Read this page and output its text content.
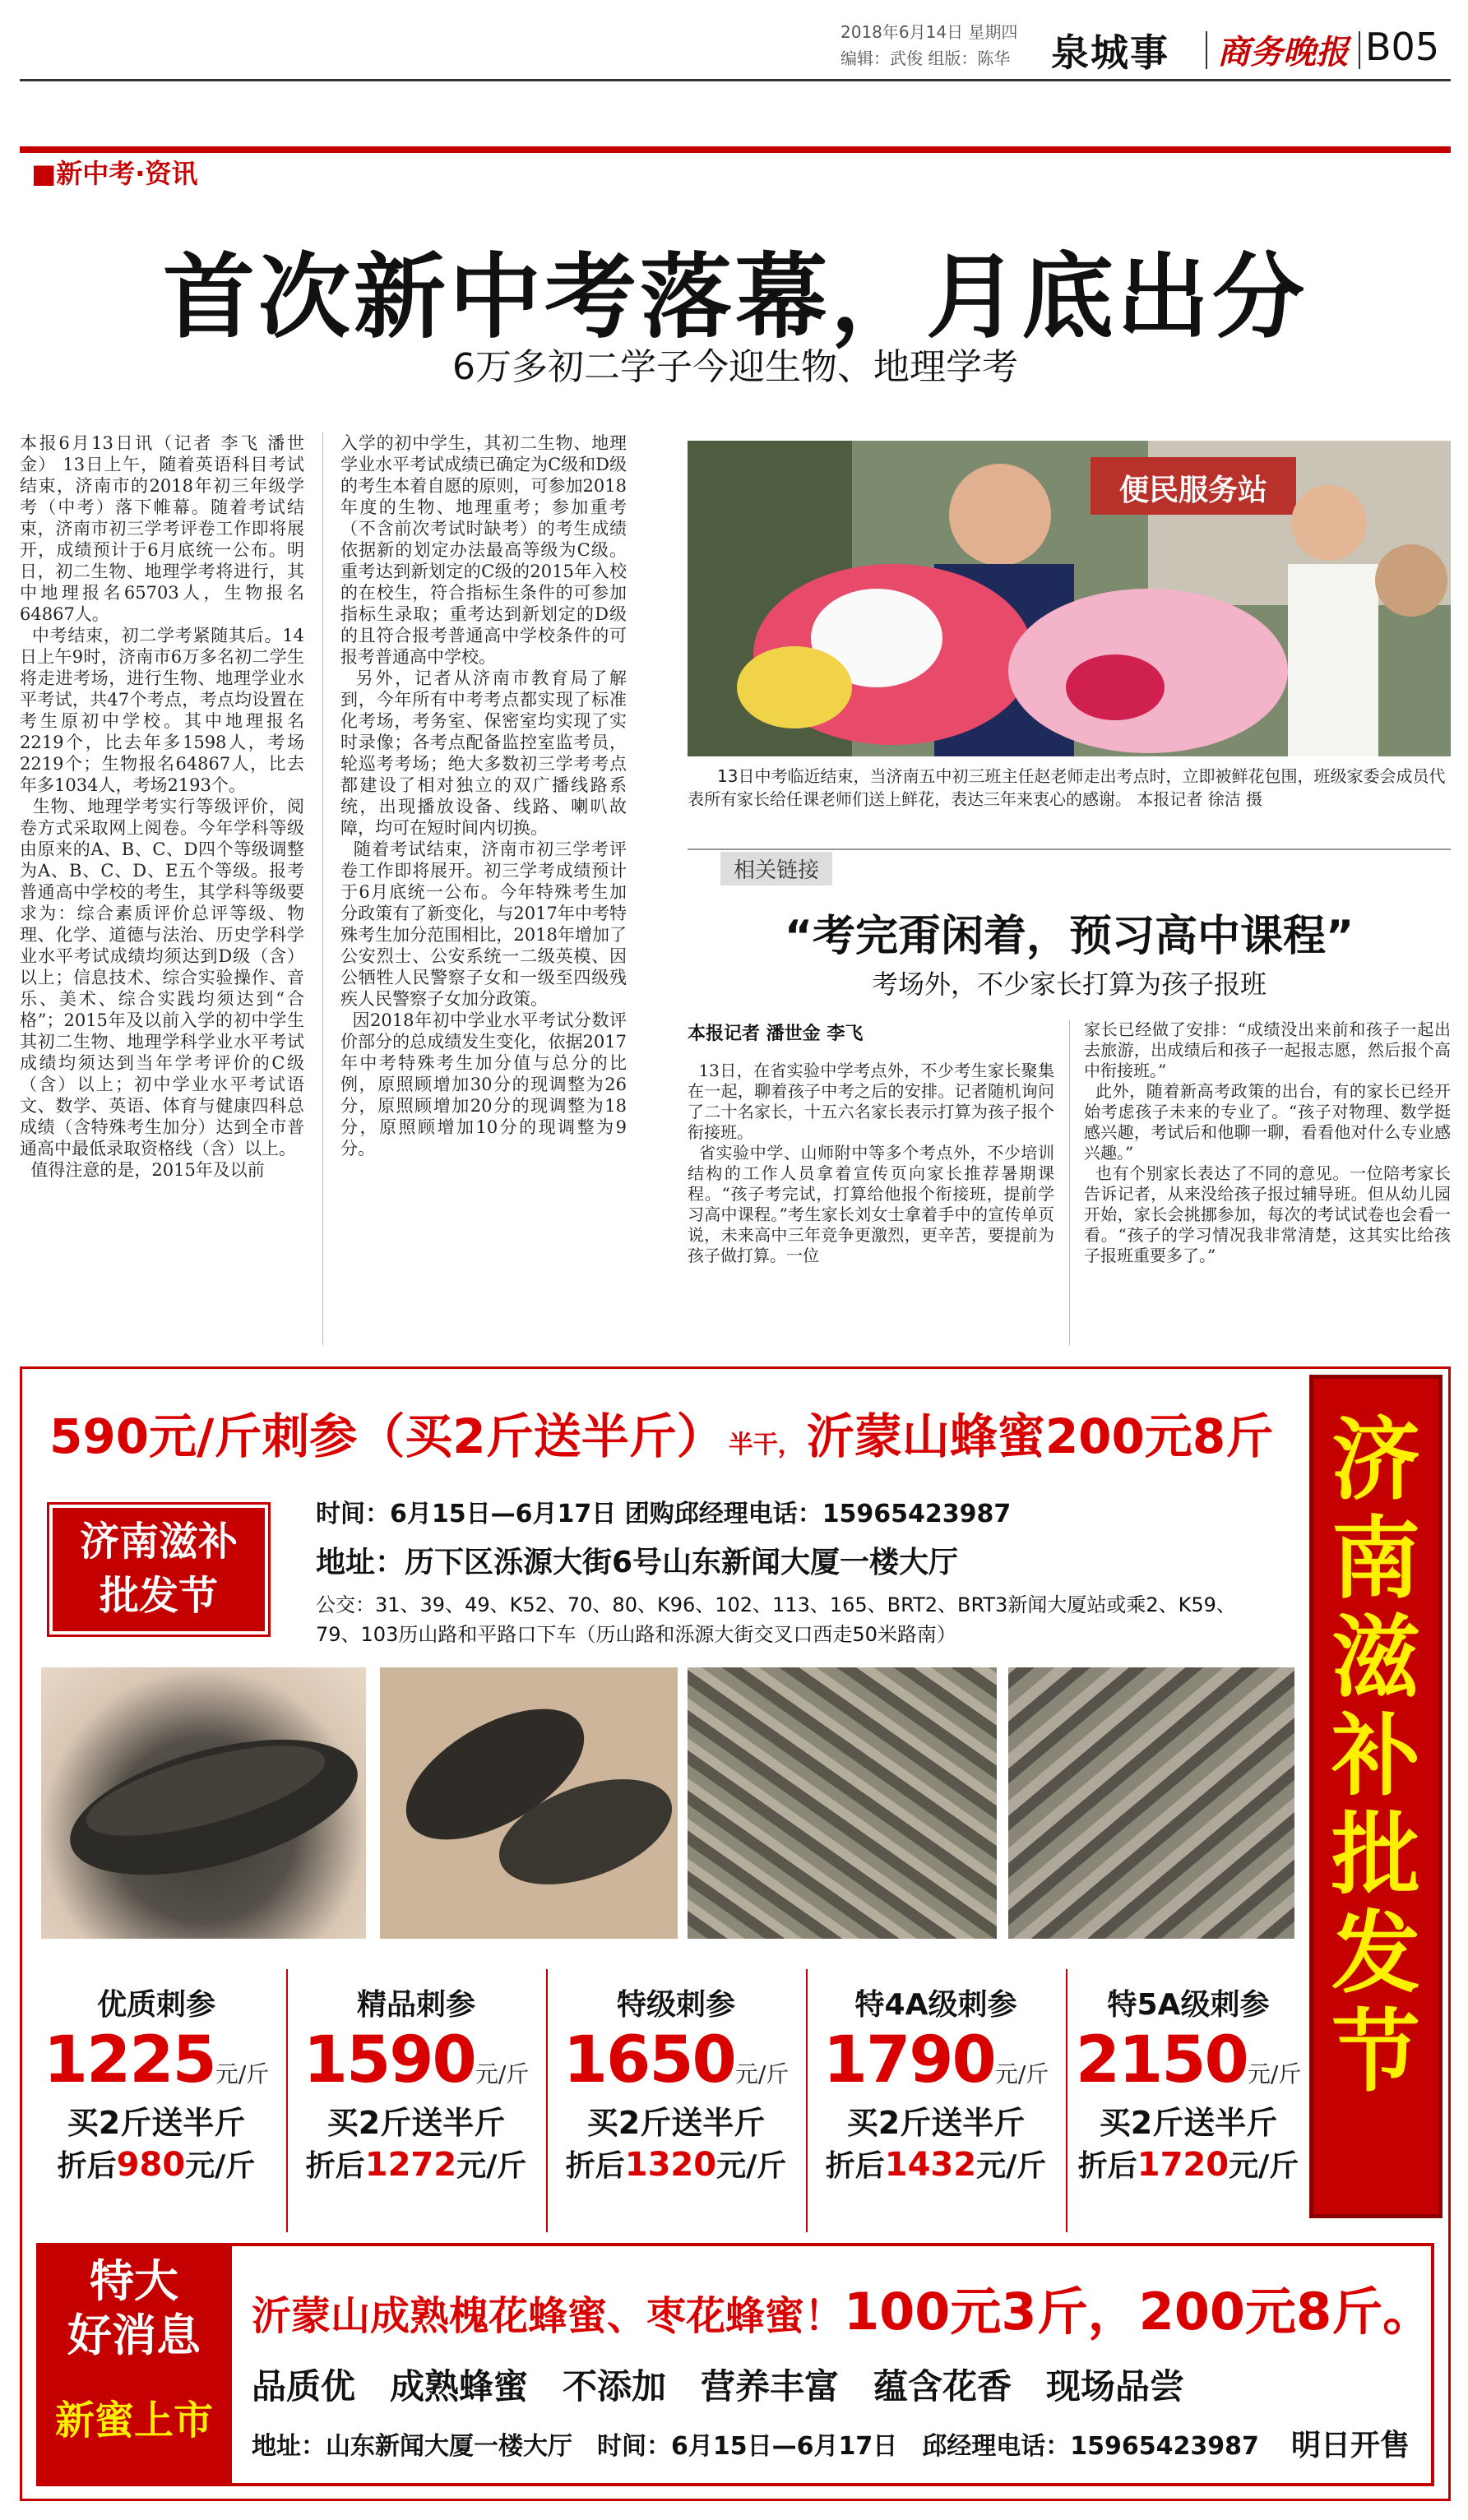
2018年6月14日 星期四
编辑：武俊 组版：陈华 泉城事 商务晚报 B05
■新中考·资讯
首次新中考落幕，月底出分
6万多初二学子今迎生物、地理学考
本报6月13日讯（记者 李飞 潘世金） 13日上午，随着英语科目考试结束，济南市的2018年初三年级学考（中考）落下帷幕。随着考试结束，济南市初三学考评卷工作即将展开，成绩预计于6月底统一公布。明日，初二生物、地理学考将进行，其中地理报名65703人，生物报名64867人。
中考结束，初二学考紧随其后。14日上午9时，济南市6万多名初二学生将走进考场，进行生物、地理学业水平考试，共47个考点，考点均设置在考生原初中学校。其中地理报名2219个，比去年多1598人，考场2219个；生物报名64867人，比去年多1034人，考场2193个。
生物、地理学考实行等级评价，阅卷方式采取网上阅卷。今年学科等级由原来的A、B、C、D四个等级调整为A、B、C、D、E五个等级。报考普通高中学校的考生，其学科等级要求为：综合素质评价总评等级、物理、化学、道德与法治、历史学科学业水平考试成绩均须达到D级（含）以上；信息技术、综合实验操作、音乐、美术、综合实践均须达到“合格”；2015年及以前入学的初中学生其初二生物、地理学科学业水平考试成绩均须达到当年学考评价的C级（含）以上；初中学业水平考试语文、数学、英语、体育与健康四科总成绩（含特殊考生加分）达到全市普通高中最低录取资格线（含）以上。
值得注意的是，2015年及以前
入学的初中学生，其初二生物、地理学业水平考试成绩已确定为C级和D级的考生本着自愿的原则，可参加2018年度的生物、地理重考；参加重考（不含前次考试时缺考）的考生成绩依据新的划定办法最高等级为C级。重考达到新划定的C级的2015年入校的在校生，符合指标生条件的可参加指标生录取；重考达到新划定的D级的且符合报考普通高中学校条件的可报考普通高中学校。
另外，记者从济南市教育局了解到，今年所有中考考点都实现了标准化考场，考务室、保密室均实现了实时录像；各考点配备监控室监考员，轮巡考考场；绝大多数初三学考考点都建设了相对独立的双广播线路系统，出现播放设备、线路、喇叭故障，均可在短时间内切换。
随着考试结束，济南市初三学考评卷工作即将展开。初三学考成绩预计于6月底统一公布。今年特殊考生加分政策有了新变化，与2017年中考特殊考生加分范围相比，2018年增加了公安烈士、公安系统一二级英模、因公牺牲人民警察子女和一级至四级残疾人民警察子女加分政策。
因2018年初中学业水平考试分数评价部分的总成绩发生变化，依据2017年中考特殊考生加分值与总分的比例，原照顾增加30分的现调整为26分，原照顾增加20分的现调整为18分，原照顾增加10分的现调整为9分。
便民服务站
13日中考临近结束，当济南五中初三班主任赵老师走出考点时，立即被鲜花包围，班级家委会成员代表所有家长给任课老师们送上鲜花，表达三年来衷心的感谢。 本报记者 徐洁 摄
相关链接
“考完甭闲着，预习高中课程”
考场外，不少家长打算为孩子报班
本报记者 潘世金 李飞
13日，在省实验中学考点外，不少考生家长聚集在一起，聊着孩子中考之后的安排。记者随机询问了二十名家长，十五六名家长表示打算为孩子报个衔接班。
省实验中学、山师附中等多个考点外，不少培训结构的工作人员拿着宣传页向家长推荐暑期课程。“孩子考完试，打算给他报个衔接班，提前学习高中课程。”考生家长刘女士拿着手中的宣传单页说，未来高中三年竞争更激烈，更辛苦，要提前为孩子做打算。一位
家长已经做了安排：“成绩没出来前和孩子一起出去旅游，出成绩后和孩子一起报志愿，然后报个高中衔接班。”
此外，随着新高考政策的出台，有的家长已经开始考虑孩子未来的专业了。“孩子对物理、数学挺感兴趣，考试后和他聊一聊，看看他对什么专业感兴趣。”
也有个别家长表达了不同的意见。一位陪考家长告诉记者，从来没给孩子报过辅导班。但从幼儿园开始，家长会挑挪参加，每次的考试试卷也会看一看。“孩子的学习情况我非常清楚，这其实比给孩子报班重要多了。”
590元/斤刺参（买2斤送半斤） 半干， 沂蒙山蜂蜜200元8斤
济南滋补
批发节
时间：6月15日—6月17日 团购邱经理电话：15965423987
地址：历下区泺源大街6号山东新闻大厦一楼大厅
公交：31、39、49、K52、70、80、K96、102、113、165、BRT2、BRT3新闻大厦站或乘2、K59、79、103历山路和平路口下车（历山路和泺源大街交叉口西走50米路南）
济
南
滋
补
批
发
节
优质刺参
1225元/斤
买2斤送半斤
折后980元/斤
精品刺参
1590元/斤
买2斤送半斤
折后1272元/斤
特级刺参
1650元/斤
买2斤送半斤
折后1320元/斤
特4A级刺参
1790元/斤
买2斤送半斤
折后1432元/斤
特5A级刺参
2150元/斤
买2斤送半斤
折后1720元/斤
特大
好消息
新蜜上市
沂蒙山成熟槐花蜂蜜、枣花蜂蜜！100元3斤，200元8斤。
品质优　成熟蜂蜜　不添加　营养丰富　蕴含花香　现场品尝
地址：山东新闻大厦一楼大厅　时间：6月15日—6月17日　邱经理电话：15965423987 明日开售
